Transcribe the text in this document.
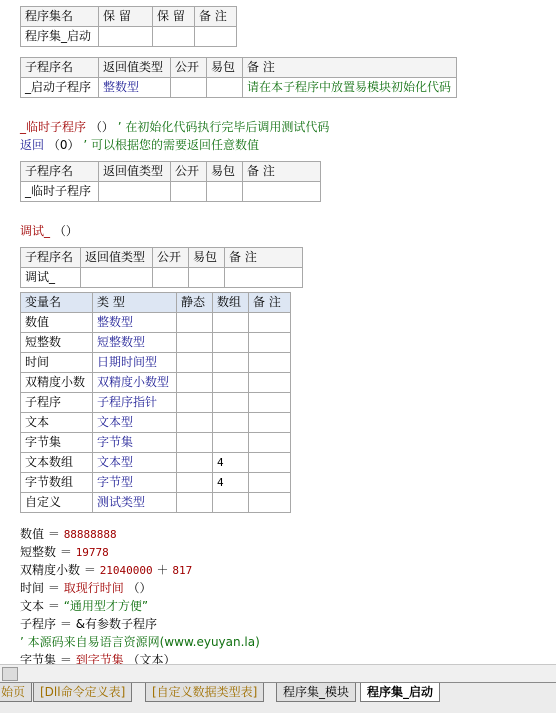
程序集名	保 留	保 留	备 注
程序集_启动			
子程序名	返回值类型	公开	易包	备 注
_启动子程序	整数型			请在本子程序中放置易模块初始化代码
_临时子程序 （） ’ 在初始化代码执行完毕后调用测试代码
返回 （0） ’ 可以根据您的需要返回任意数值
子程序名	返回值类型	公开	易包	备 注
_临时子程序				
调试_ （）
子程序名	返回值类型	公开	易包	备 注
调试_				
变量名	类 型	静态	数组	备 注
数值	整数型			
短整数	短整数型			
时间	日期时间型			
双精度小数	双精度小数型			
子程序	子程序指针			
文本	文本型			
字节集	字节集			
文本数组	文本型		4	
字节数组	字节型		4	
自定义	测试类型			
数值 ＝ 88888888
短整数 ＝ 19778
双精度小数 ＝ 21040000 ＋ 817
时间 ＝ 取现行时间 （）
文本 ＝ “通用型才方便”
子程序 ＝ &有参数子程序
’ 本源码来自易语言资源网(www.eyuyan.la)
字节集 ＝ 到字节集 （文本）
始页	[Dll命令定义表]	[自定义数据类型表]	程序集_模块	程序集_启动
